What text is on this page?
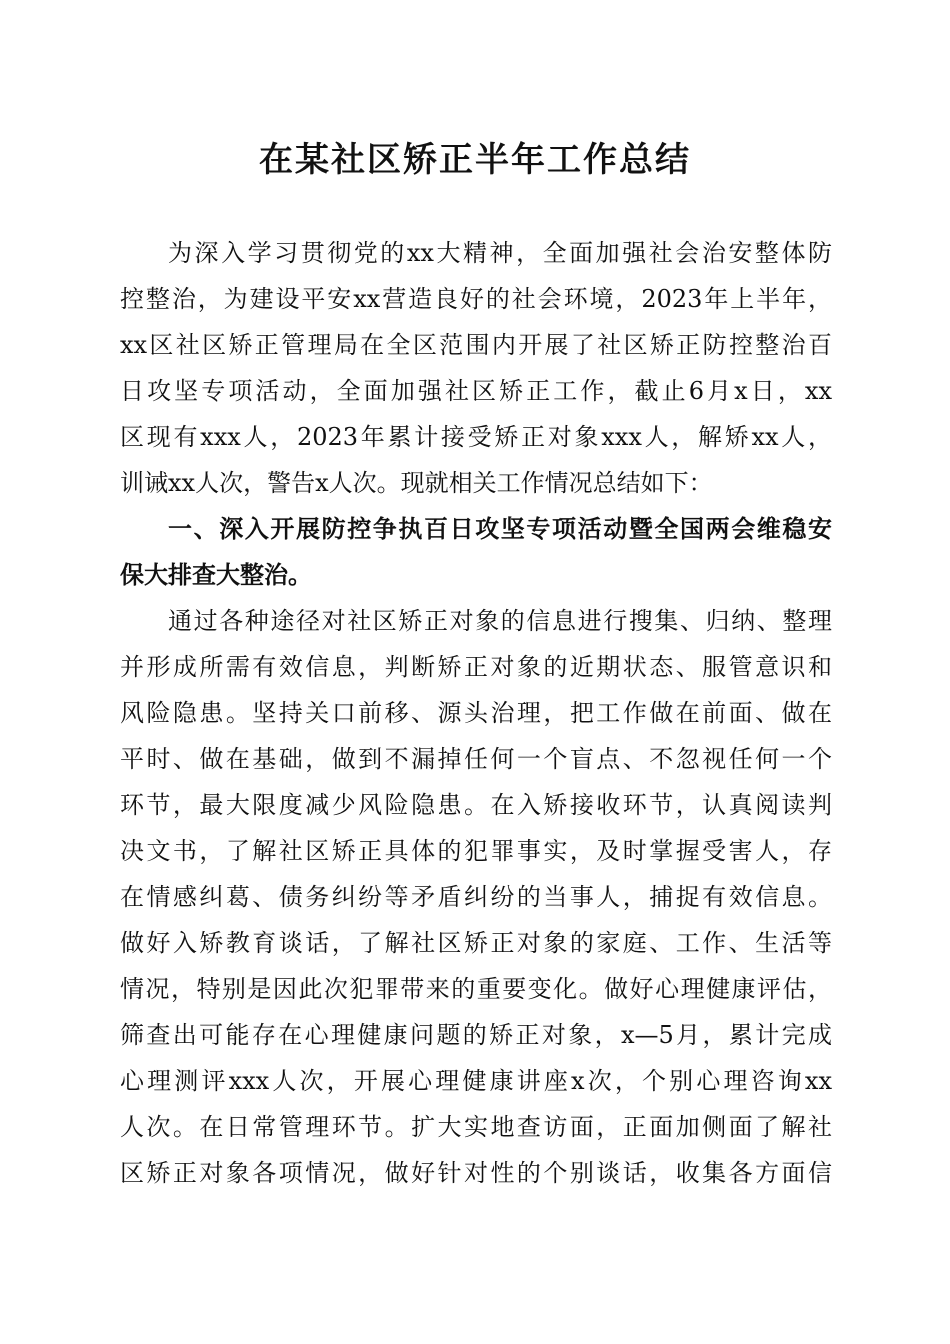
在某社区矫正半年工作总结

为深入学习贯彻党的xx大精神，全面加强社会治安整体防

控整治，为建设平安xx营造良好的社会环境，2023年上半年，

xx区社区矫正管理局在全区范围内开展了社区矫正防控整治百

日攻坚专项活动，全面加强社区矫正工作，截止6月x日，xx

区现有xxx人，2023年累计接受矫正对象xxx人，解矫xx人，

训诫xx人次，警告x人次。现就相关工作情况总结如下：

一、深入开展防控争执百日攻坚专项活动暨全国两会维稳安

保大排查大整治。

通过各种途径对社区矫正对象的信息进行搜集、归纳、整理

并形成所需有效信息，判断矫正对象的近期状态、服管意识和

风险隐患。坚持关口前移、源头治理，把工作做在前面、做在

平时、做在基础，做到不漏掉任何一个盲点、不忽视任何一个

环节，最大限度减少风险隐患。在入矫接收环节，认真阅读判

决文书，了解社区矫正具体的犯罪事实，及时掌握受害人，存

在情感纠葛、债务纠纷等矛盾纠纷的当事人，捕捉有效信息。

做好入矫教育谈话，了解社区矫正对象的家庭、工作、生活等

情况，特别是因此次犯罪带来的重要变化。做好心理健康评估，

筛查出可能存在心理健康问题的矫正对象，x—5月，累计完成

心理测评xxx人次，开展心理健康讲座x次，个别心理咨询xx

人次。在日常管理环节。扩大实地查访面，正面加侧面了解社

区矫正对象各项情况，做好针对性的个别谈话，收集各方面信
